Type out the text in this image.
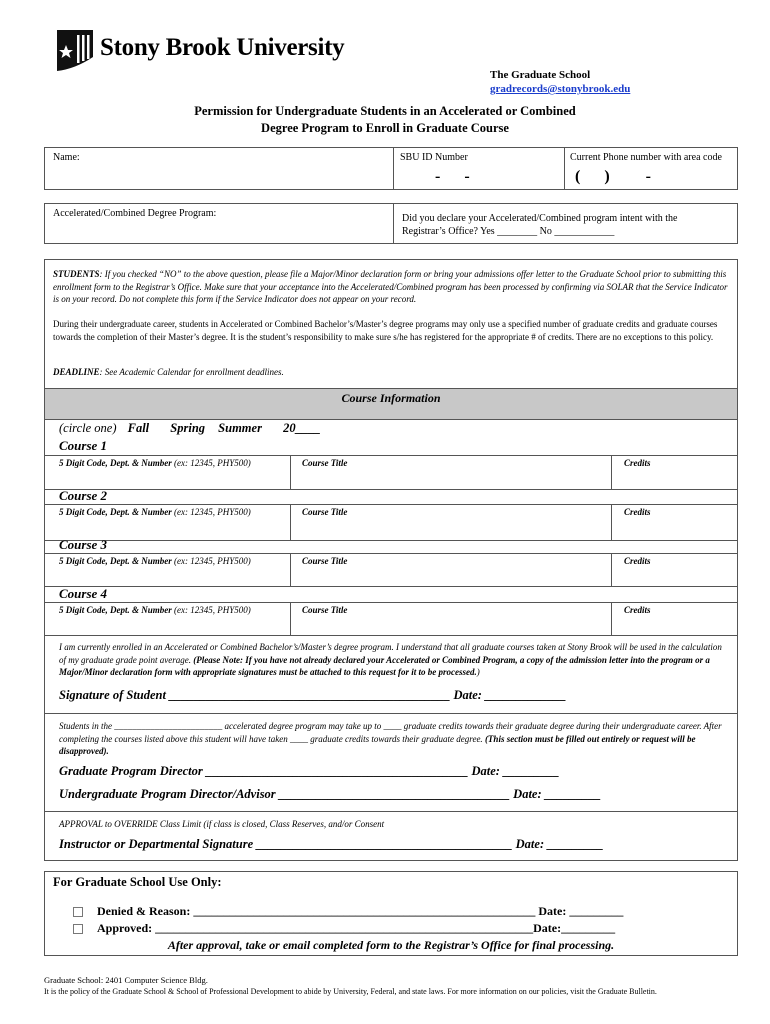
Stony Brook University
The Graduate School
gradrecords@stonybrook.edu
Permission for Undergraduate Students in an Accelerated or Combined
Degree Program to Enroll in Graduate Course
Name:	SBU ID Number	Current Phone number with area code
-      -	(      )         -
Accelerated/Combined Degree Program:	Did you declare your Accelerated/Combined program intent with the
Registrar’s Office? Yes ________ No ____________
STUDENTS: If you checked “NO” to the above question, please file a Major/Minor declaration form or bring your admissions offer letter to the Graduate School prior to submitting this enrollment form to the Registrar’s Office. Make sure that your acceptance into the Accelerated/Combined program has been processed by confirming via SOLAR that the Service Indicator is on your record. Do not complete this form if the Service Indicator does not appear on your record.
During their undergraduate career, students in Accelerated or Combined Bachelor’s/Master’s degree programs may only use a specified number of graduate credits and graduate courses towards the completion of their Master’s degree. It is the student’s responsibility to make sure s/he has registered for the appropriate # of credits. There are no exceptions to this policy.
DEADLINE: See Academic Calendar for enrollment deadlines.
Course Information
(circle one) Fall Spring Summer 20____
Course 1
5 Digit Code, Dept. & Number (ex: 12345, PHY500)	Course Title	Credits
Course 2
5 Digit Code, Dept. & Number (ex: 12345, PHY500)	Course Title	Credits
Course 3
5 Digit Code, Dept. & Number (ex: 12345, PHY500)	Course Title	Credits
Course 4
5 Digit Code, Dept. & Number (ex: 12345, PHY500)	Course Title	Credits
I am currently enrolled in an Accelerated or Combined Bachelor’s/Master’s degree program. I understand that all graduate courses taken at Stony Brook will be used in the calculation of my graduate grade point average. (Please Note: If you have not already declared your Accelerated or Combined Program, a copy of the admission letter into the program or a Major/Minor declaration form with appropriate signatures must be attached to this request for it to be processed.)
Signature of Student _____________________________________________ Date: _____________
Students in the ________________________ accelerated degree program may take up to ____ graduate credits towards their graduate degree during their undergraduate career. After completing the courses listed above this student will have taken ____ graduate credits towards their graduate degree. (This section must be filled out entirely or request will be disapproved).
Graduate Program Director __________________________________________ Date: _________
Undergraduate Program Director/Advisor _____________________________________ Date: _________
APPROVAL to OVERRIDE Class Limit (if class is closed, Class Reserves, and/or Consent
Instructor or Departmental Signature _________________________________________ Date: _________
For Graduate School Use Only:
Denied & Reason: _________________________________________________________ Date: _________
Approved: _______________________________________________________________Date:_________
After approval, take or email completed form to the Registrar’s Office for final processing.
Graduate School: 2401 Computer Science Bldg.
It is the policy of the Graduate School & School of Professional Development to abide by University, Federal, and state laws. For more information on our policies, visit the Graduate Bulletin.
